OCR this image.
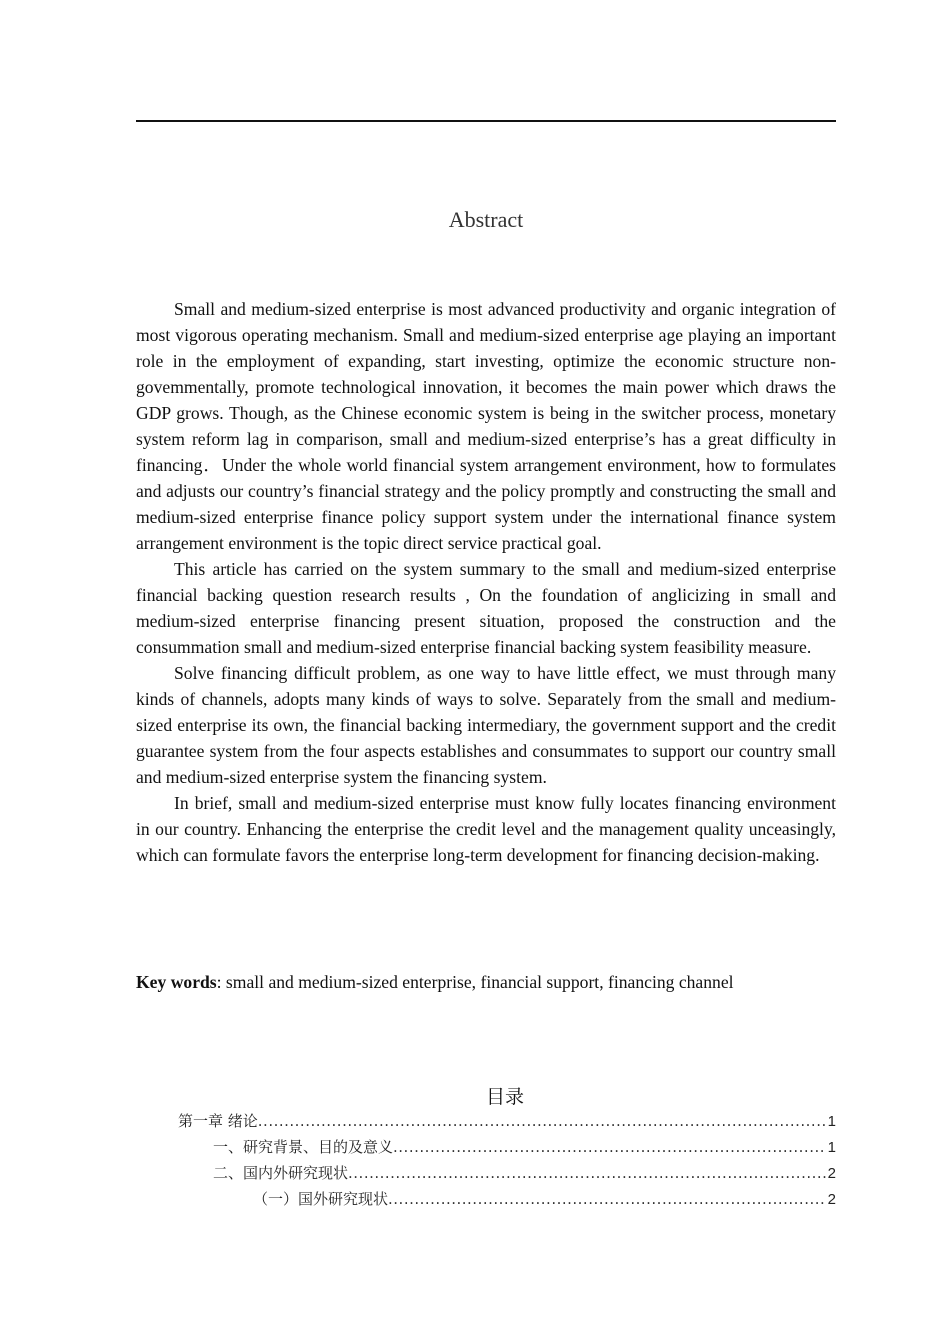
Abstract

Small and medium-sized enterprise is most advanced productivity and organic integration of most vigorous operating mechanism. Small and medium-sized enterprise age playing an important role in the employment of expanding, start investing, optimize the economic structure non-govemmentally, promote technological innovation, it becomes the main power which draws the GDP grows. Though, as the Chinese economic system is being in the switcher process, monetary system reform lag in comparison, small and medium-sized enterprise’s has a great difficulty in financing．Under the whole world financial system arrangement environment, how to formulates and adjusts our country’s financial strategy and the policy promptly and constructing the small and medium-sized enterprise finance policy support system under the international finance system arrangement environment is the topic direct service practical goal.

This article has carried on the system summary to the small and medium-sized enterprise financial backing question research results , On the foundation of anglicizing in small and medium-sized enterprise financing present situation, proposed the construction and the consummation small and medium-sized enterprise financial backing system feasibility measure.

Solve financing difficult problem, as one way to have little effect, we must through many kinds of channels, adopts many kinds of ways to solve. Separately from the small and medium-sized enterprise its own, the financial backing intermediary, the government support and the credit guarantee system from the four aspects establishes and consummates to support our country small and medium-sized enterprise system the financing system.

In brief, small and medium-sized enterprise must know fully locates financing environment in our country. Enhancing the enterprise the credit level and the management quality unceasingly, which can formulate favors the enterprise long-term development for financing decision-making.

Key words: small and medium-sized enterprise, financial support, financing channel
目录
第一章 绪论 .....	1
一、研究背景、目的及意义 .....	1
二、国内外研究现状 .....	2
（一）国外研究现状 .....	2
